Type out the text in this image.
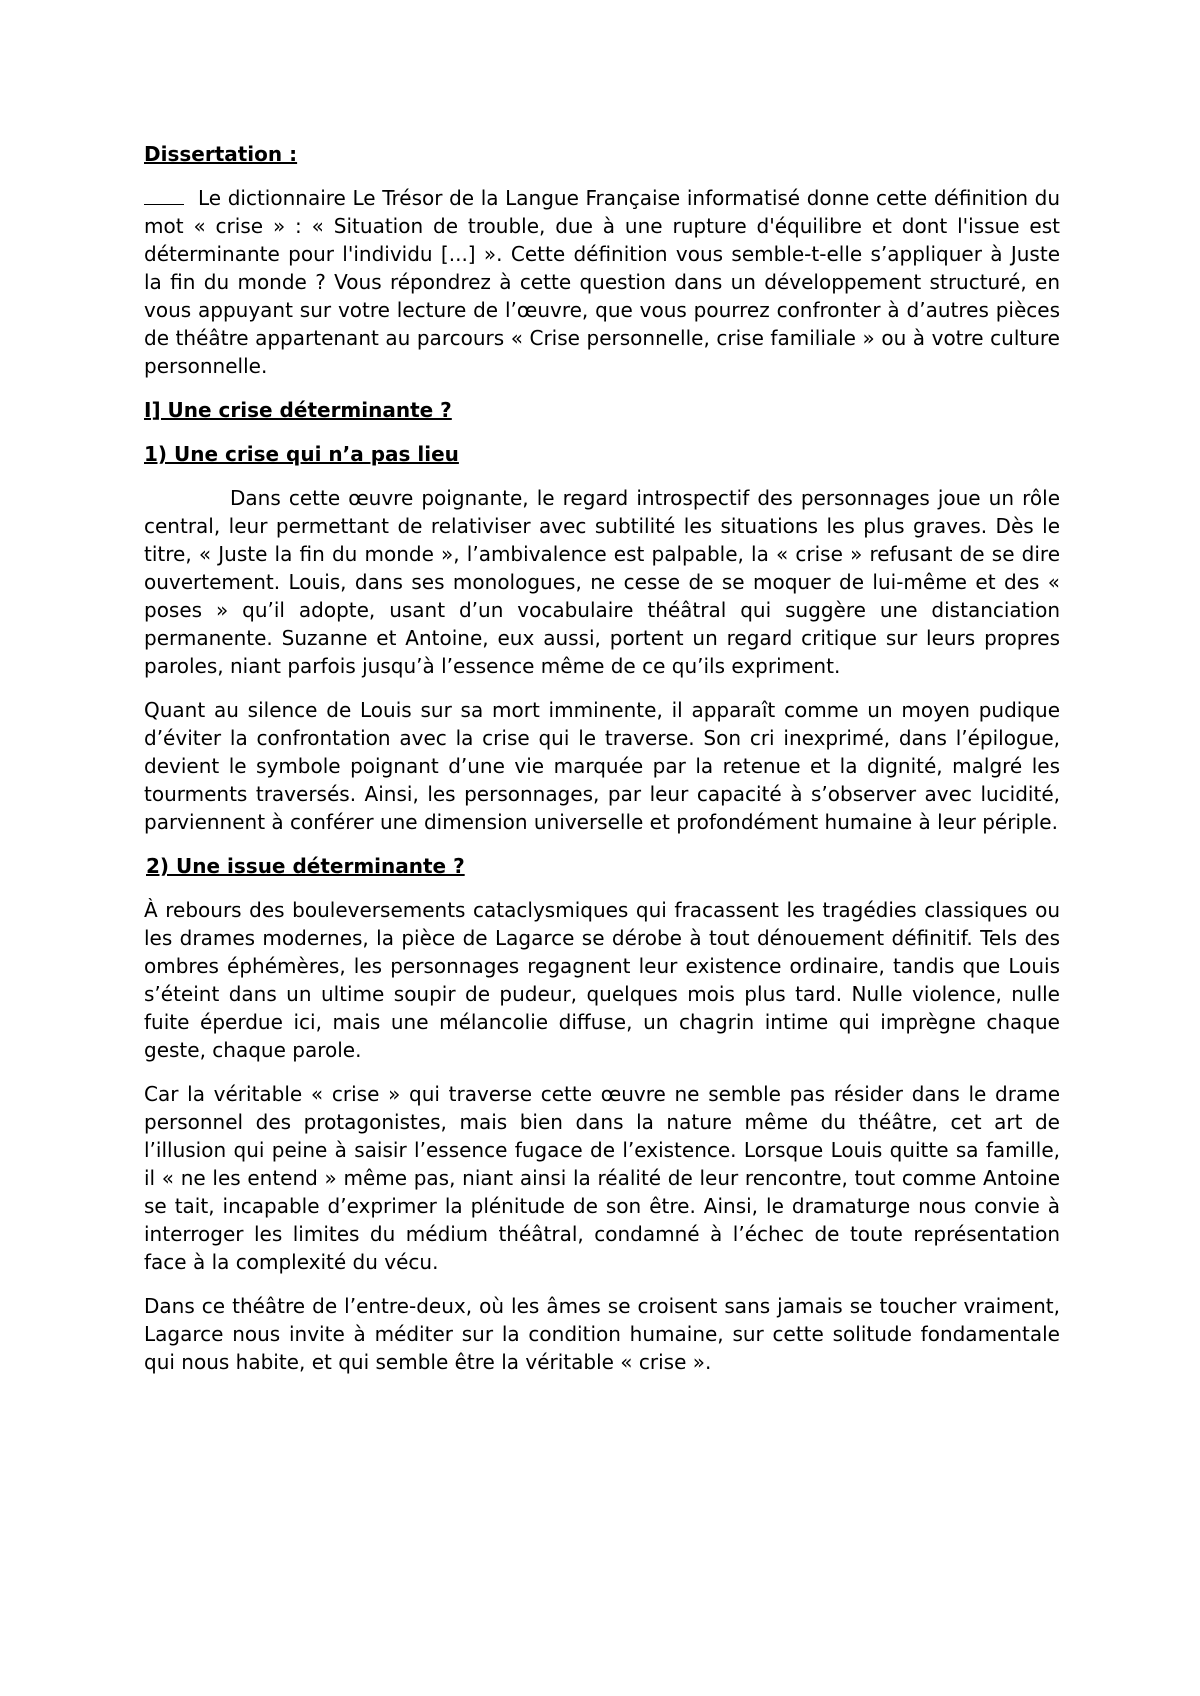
Dissertation :

Le dictionnaire Le Trésor de la Langue Française informatisé donne cette définition du mot « crise » : « Situation de trouble, due à une rupture d'équilibre et dont l'issue est déterminante pour l'individu [...] ». Cette définition vous semble-t-elle s’appliquer à Juste la fin du monde ? Vous répondrez à cette question dans un développement structuré, en vous appuyant sur votre lecture de l’œuvre, que vous pourrez confronter à d’autres pièces de théâtre appartenant au parcours « Crise personnelle, crise familiale » ou à votre culture personnelle.

I] Une crise déterminante ?

1) Une crise qui n’a pas lieu

Dans cette œuvre poignante, le regard introspectif des personnages joue un rôle central, leur permettant de relativiser avec subtilité les situations les plus graves. Dès le titre, « Juste la fin du monde », l’ambivalence est palpable, la « crise » refusant de se dire ouvertement. Louis, dans ses monologues, ne cesse de se moquer de lui-même et des « poses » qu’il adopte, usant d’un vocabulaire théâtral qui suggère une distanciation permanente. Suzanne et Antoine, eux aussi, portent un regard critique sur leurs propres paroles, niant parfois jusqu’à l’essence même de ce qu’ils expriment.

Quant au silence de Louis sur sa mort imminente, il apparaît comme un moyen pudique d’éviter la confrontation avec la crise qui le traverse. Son cri inexprimé, dans l’épilogue, devient le symbole poignant d’une vie marquée par la retenue et la dignité, malgré les tourments traversés. Ainsi, les personnages, par leur capacité à s’observer avec lucidité, parviennent à conférer une dimension universelle et profondément humaine à leur périple.

2) Une issue déterminante ?

À rebours des bouleversements cataclysmiques qui fracassent les tragédies classiques ou les drames modernes, la pièce de Lagarce se dérobe à tout dénouement définitif. Tels des ombres éphémères, les personnages regagnent leur existence ordinaire, tandis que Louis s’éteint dans un ultime soupir de pudeur, quelques mois plus tard. Nulle violence, nulle fuite éperdue ici, mais une mélancolie diffuse, un chagrin intime qui imprègne chaque geste, chaque parole.

Car la véritable « crise » qui traverse cette œuvre ne semble pas résider dans le drame personnel des protagonistes, mais bien dans la nature même du théâtre, cet art de l’illusion qui peine à saisir l’essence fugace de l’existence. Lorsque Louis quitte sa famille, il « ne les entend » même pas, niant ainsi la réalité de leur rencontre, tout comme Antoine se tait, incapable d’exprimer la plénitude de son être. Ainsi, le dramaturge nous convie à interroger les limites du médium théâtral, condamné à l’échec de toute représentation face à la complexité du vécu.

Dans ce théâtre de l’entre-deux, où les âmes se croisent sans jamais se toucher vraiment, Lagarce nous invite à méditer sur la condition humaine, sur cette solitude fondamentale qui nous habite, et qui semble être la véritable « crise ».
